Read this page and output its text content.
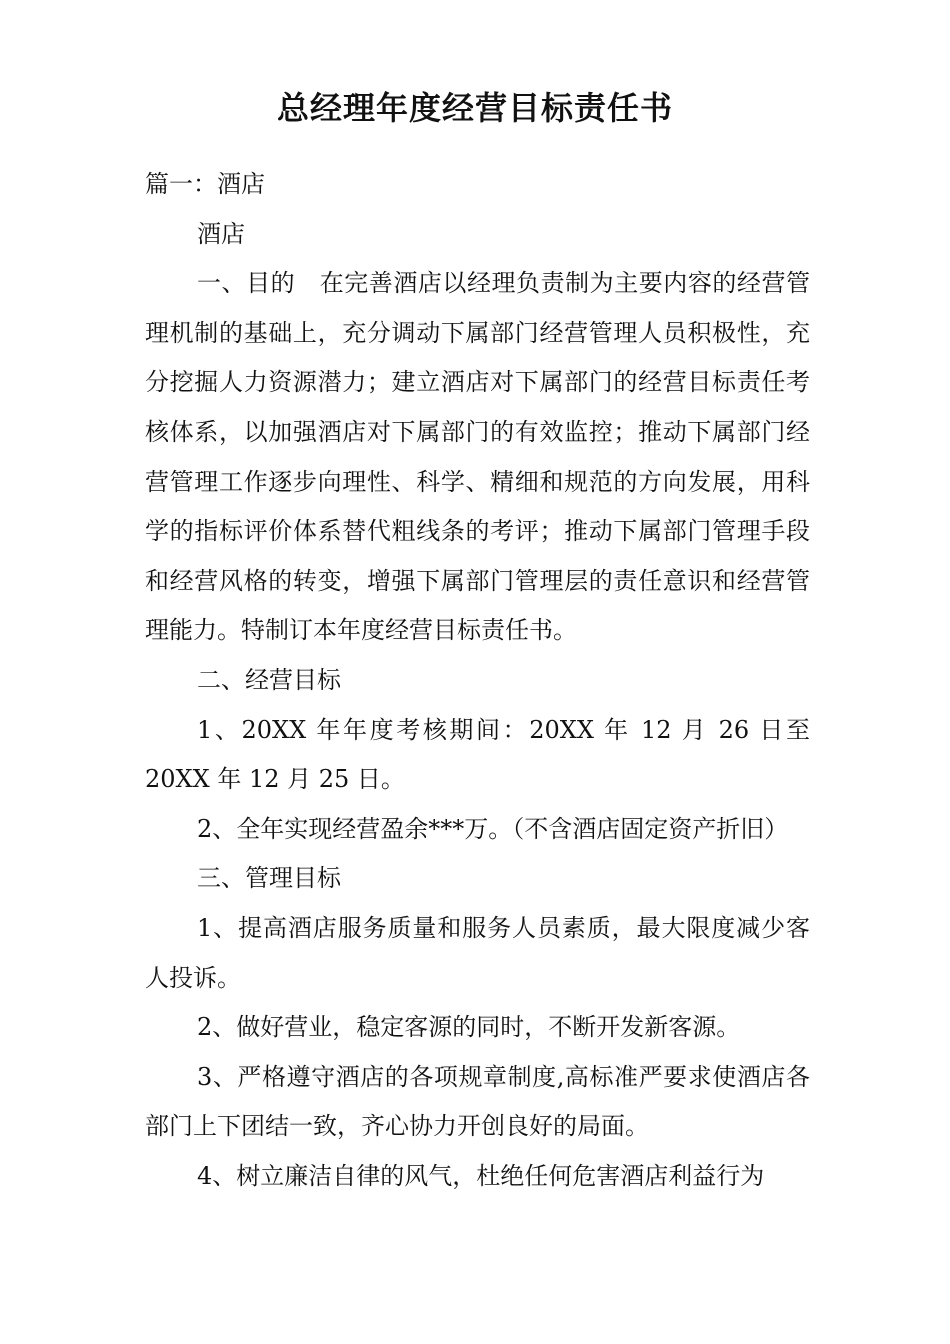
总经理年度经营目标责任书

篇一：酒店

酒店

一、目的　在完善酒店以经理负责制为主要内容的经营管理机制的基础上，充分调动下属部门经营管理人员积极性，充分挖掘人力资源潜力；建立酒店对下属部门的经营目标责任考核体系，以加强酒店对下属部门的有效监控；推动下属部门经营管理工作逐步向理性、科学、精细和规范的方向发展，用科学的指标评价体系替代粗线条的考评；推动下属部门管理手段和经营风格的转变，增强下属部门管理层的责任意识和经营管理能力。特制订本年度经营目标责任书。

二、经营目标

1、20XX 年年度考核期间：20XX 年 12 月 26 日至 20XX 年 12 月 25 日。

2、全年实现经营盈余***万。（不含酒店固定资产折旧）

三、管理目标

1、提高酒店服务质量和服务人员素质，最大限度减少客人投诉。

2、做好营业，稳定客源的同时，不断开发新客源。

3、严格遵守酒店的各项规章制度,高标准严要求使酒店各部门上下团结一致，齐心协力开创良好的局面。

4、树立廉洁自律的风气，杜绝任何危害酒店利益行为
